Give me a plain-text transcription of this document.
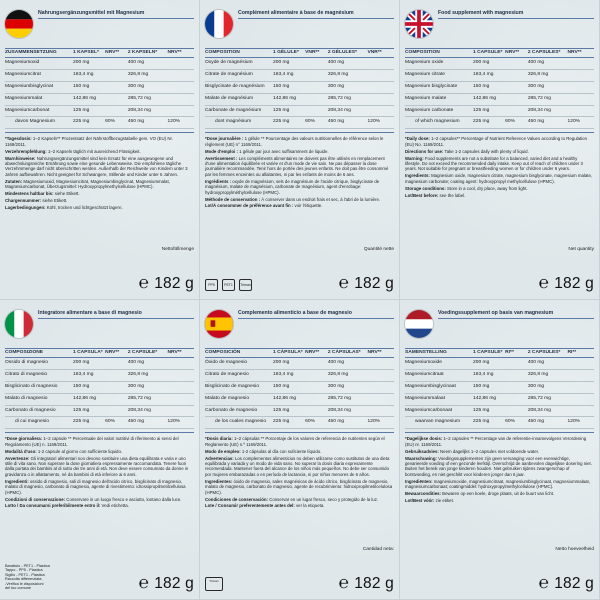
Nahrungsergänzungsmittel mit Magnesium
ZUSAMMENSETZUNG	1 KAPSEL*	NRV**	2 KAPSELN*	NRV**
Magnesiumoxid	200 mg		400 mg	
Magnesiumcitrat	163,4 mg		326,8 mg	
Magnesiumbisglycinat	150 mg		300 mg	
Magnesiummalat	142,86 mg		285,72 mg	
Magnesiumcarbonat	125 mg		208,34 mg	
davon Magnesium	225 mg	60%	450 mg	120%

*Tagesdosis: 1–2 Kapseln** Prozentsatz der Nährstoffbezugstabelle gem. VO (EU) Nr. 1169/2011.

Verzehrempfehlung: 1–2 Kapseln täglich mit ausreichend Flüssigkeit.

Warnhinweise: Nahrungsergänzungsmittel sind kein Ersatz für eine ausgewogene und abwechslungsreiche Ernährung sowie eine gesunde Lebensweise. Die empfohlene tägliche Verzehrsmenge darf nicht überschritten werden. Außerhalb der Reichweite von Kindern unter 3 Jahren aufbewahren. Nicht geeignet für Schwangere, Stillende und Kinder unter 6 Jahren.

Zutaten: Magnesiumoxid, Magnesiumcitrat, Magnesiumbisglycinat, Magnesiummalat, Magnesiumcarbonat, Überzugsmittel: Hydroxypropylmethylcellulose (HPMC).

Mindestens haltbar bis: siehe Etikett.

Chargennummer: siehe Etikett.

Lagerbedingungen: Kühl, trocken und lichtgeschützt lagern.

Nettofüllmenge
℮ 182 g
Complément alimentaire à base de magnésium
COMPOSITION	1 GÉLULE*	VNR**	2 GÉLULES*	VNR**
Oxyde de magnésium	200 mg		400 mg	
Citrate de magnésium	163,4 mg		326,8 mg	
Bisglycinate de magnésium	150 mg		300 mg	
Malate de magnésium	142,86 mg		285,72 mg	
Carbonate de magnésium	125 mg		208,34 mg	
dont magnésium	225 mg	60%	450 mg	120%

*Dose journalière : 1 gélule ** Pourcentage des valeurs nutritionnelles de référence selon le règlement (UE) n° 1169/2011.

Mode d'emploi : 1 gélule par jour avec suffisamment de liquide.

Avertissement : Les compléments alimentaires ne doivent pas être utilisés en remplacement d'une alimentation équilibrée et variée et d'un mode de vie sain. Ne pas dépasser la dose journalière recommandée. Tenir hors de portée des jeunes enfants. Ne doit pas être consommé par les femmes enceintes ou allaitantes, ni par les enfants de moins de 6 ans.

Ingrédients : oxyde de magnésium, sels de magnésium de l'acide citrique, bisglycinate de magnésium, malate de magnésium, carbonate de magnésium, agent d'enrobage: hydroxypropylméthylcellulose (HPMC).

Méthode de conservation : À conserver dans un endroit frais et sec, à l'abri de la lumière.

Lot/À consommer de préférence avant fin : voir l'étiquette.

Quantité nette
PP5	PET1	Triman	℮ 182 g
Food supplement with magnesium
COMPOSITION	1 CAPSULE*	NRV**	2 CAPSULES*	NRV**
Magnesium oxide	200 mg		400 mg	
Magnesium citrate	163,4 mg		326,8 mg	
Magnesium bisglycinate	150 mg		300 mg	
Magnesium malate	142,86 mg		285,72 mg	
Magnesium carbonate	125 mg		208,34 mg	
of which magnesium	225 mg	60%	450 mg	120%

*Daily dose: 1–2 capsules** Percentage of Nutrient Reference Values according to Regulation (EU) No. 1169/2011.

Directions for use: Take 1-2 capsules daily with plenty of liquid.

Warning: Food supplements are not a substitute for a balanced, varied diet and a healthy lifestyle. Do not exceed the recommended daily intake. Keep out of reach of children under 3 years. Not suitable for pregnant or breastfeeding women or for children under 6 years.

Ingredients: Magnesium oxide, magnesium citrate, magnesium bisglycinate, magnesium malate, magnesium carbonate; coating agent: hydroxypropyl methylcellulose (HPMC).

Storage conditions: Store in a cool, dry place, away from light.

Lot/Best before: see the label.

Net quantity
℮ 182 g
Integratore alimentare a base di magnesio
COMPOSIZIONE	1 CAPSULA*	NRV**	2 CAPSULE*	NRV**
Ossido di magnesio	200 mg		400 mg	
Citrato di magnesio	163,4 mg		326,8 mg	
Bisglicinato di magnesio	150 mg		300 mg	
Malato di magnesio	142,86 mg		285,72 mg	
Carbonato di magnesio	125 mg		208,34 mg	
di cui magnesio	225 mg	60%	450 mg	120%

*Dose giornaliera: 1–2 capsule ** Percentuale dei valori nutritivi di riferimento ai sensi del Regolamento (UE) n. 1169/2011.

Modalità d'uso: 1-2 capsule al giorno con sufficiente liquido.

Avvertenze: Gli integratori alimentari non devono sostituire una dieta equilibrata e varia e uno stile di vita sano. Non superare la dose giornaliera espressamente raccomandata. Tenere fuori dalla portata dei bambini al di sotto dei tre anni di età. Non deve essere consumato da donne in gravidanza o in allattamento, né da bambini di età inferiore ai 6 anni.

Ingredienti: ossido di magnesio, sali di magnesio dell'acido citrico, bisglicinato di magnesio, malato di magnesio, carbonato di magnesio, agente di rivestimento: idrossipropilmetilcellulosa (HPMC).

Condizioni di conservazione: Conservare in un luogo fresco e asciutto, lontano dalla luce.

Lotto / Da consumarsi preferibilmente entro il: Vedi etichetta.

Barattolo - PET1 - Plastica
Tappo - PP5 - Plastica
Sigillo - PET1 - Plastica
Raccolta differenziata
-Verifica le disposizioni
del tuo comune	℮ 182 g
Complemento alimenticio a base de magnesio
COMPOSICIÓN	1 CÁPSULA*	NRV**	2 CÁPSULAS*	NRV**
Óxido de magnesio	200 mg		400 mg	
Citrato de magnesio	163,4 mg		326,8 mg	
Bisglicinato de magnesio	150 mg		300 mg	
Malato de magnesio	142,86 mg		285,72 mg	
Carbonato de magnesio	125 mg		208,34 mg	
de los cuales magnesio	225 mg	60%	450 mg	120%

*Dosis diaria: 1–2 cápsulas ** Porcentaje de los valores de referencia de nutrientes según el Reglamento (UE) n.º 1169/2011.

Modo de empleo: 1-2 cápsulas al día con suficiente líquido.

Advertencias: Los complementos alimenticios no deben utilizarse como sustitutos de una dieta equilibrada y variada y un modo de vida sano. No superar la dosis diaria expresamente recomendada. Mantener fuera del alcance de los niños más pequeños. No debe ser consumido por mujeres embarazadas o en período de lactancia, ni por niños menores de 6 años.

Ingredientes: óxido de magnesio, sales magnésicas de ácido cítrico, bisglicinato de magnesio, malato de magnesio, carbonato de magnesio, agente de recubrimiento: hidroxipropilmetilcelulosa (HPMC).

Condiciones de conservación: Conservar en un lugar fresco, seco y protegido de la luz.

Lote / Consumir preferentemente antes del: ver la etiqueta.

Cantidad neta:
Triman	℮ 182 g
Voedingssupplement op basis van magnesium
SAMENSTELLING	1 CAPSULE*	RI**	2 CAPSULES*	RI**
Magnesiumoxide	200 mg		400 mg	
Magnesiumcitraat	163,4 mg		326,8 mg	
Magnesiumbisglycinaat	150 mg		300 mg	
Magnesiummalaat	142,86 mg		285,72 mg	
Magnesiumcarbonaat	125 mg		208,34 mg	
waarvan magnesium	225 mg	60%	450 mg	120%

*Dagelijkse dosis: 1–2 capsules ** Percentage van de referentie-innamevolgens Verordening (EU) nr. 1169/2011.

Gebruiksadvies: Neem dagelijks 1–2 capsules met voldoende water.

Waarschuwing: Voedingssupplementen zijn geen vervanging voor een evenwichtige, gevarieerde voeding of een gezonde leefstijl. Overschrijd de aanbevolen dagelijkse dosering niet. Buiten het bereik van jonge kinderen houden. Niet gebruiken tijdens zwangerschap of borstvoeding, en niet geschikt voor kinderen jonger dan 6 jaar.

Ingrediënten: magnesiumoxide, magnesiumcitraat, magnesiumbisglycinaat, magnesiummalaat, magnesiumcarbonaat; coatingmiddel: hydroxypropylmethylcellulose (HPMC).

Bewaarcondities: Bewaren op een koele, droge plaats, uit de buurt van licht.

Lot/Best vóór: zie etiket.

Netto hoeveelheid
℮ 182 g
